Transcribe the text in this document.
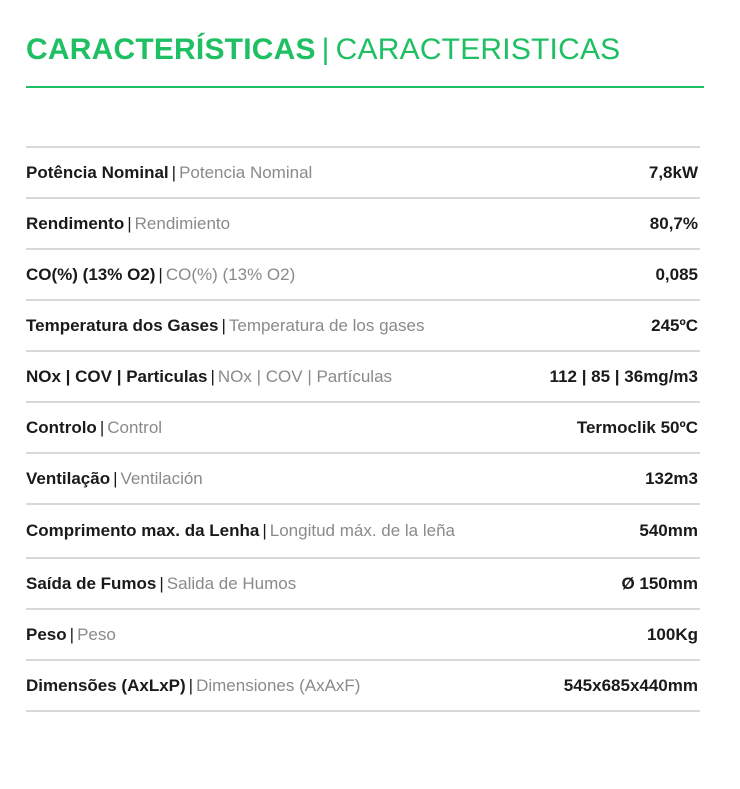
CARACTERÍSTICAS | CARACTERISTICAS
Potência Nominal | Potencia Nominal	7,8kW
Rendimento | Rendimiento	80,7%
CO(%) (13% O2) | CO(%) (13% O2)	0,085
Temperatura dos Gases | Temperatura de los gases	245ºC
NOx | COV | Particulas | NOx | COV | Partículas	112 | 85 | 36mg/m3
Controlo | Control	Termoclik 50ºC
Ventilação | Ventilación	132m3
Comprimento max. da Lenha | Longitud máx. de la leña	540mm
Saída de Fumos | Salida de Humos	Ø 150mm
Peso | Peso	100Kg
Dimensões (AxLxP) | Dimensiones (AxAxF)	545x685x440mm
